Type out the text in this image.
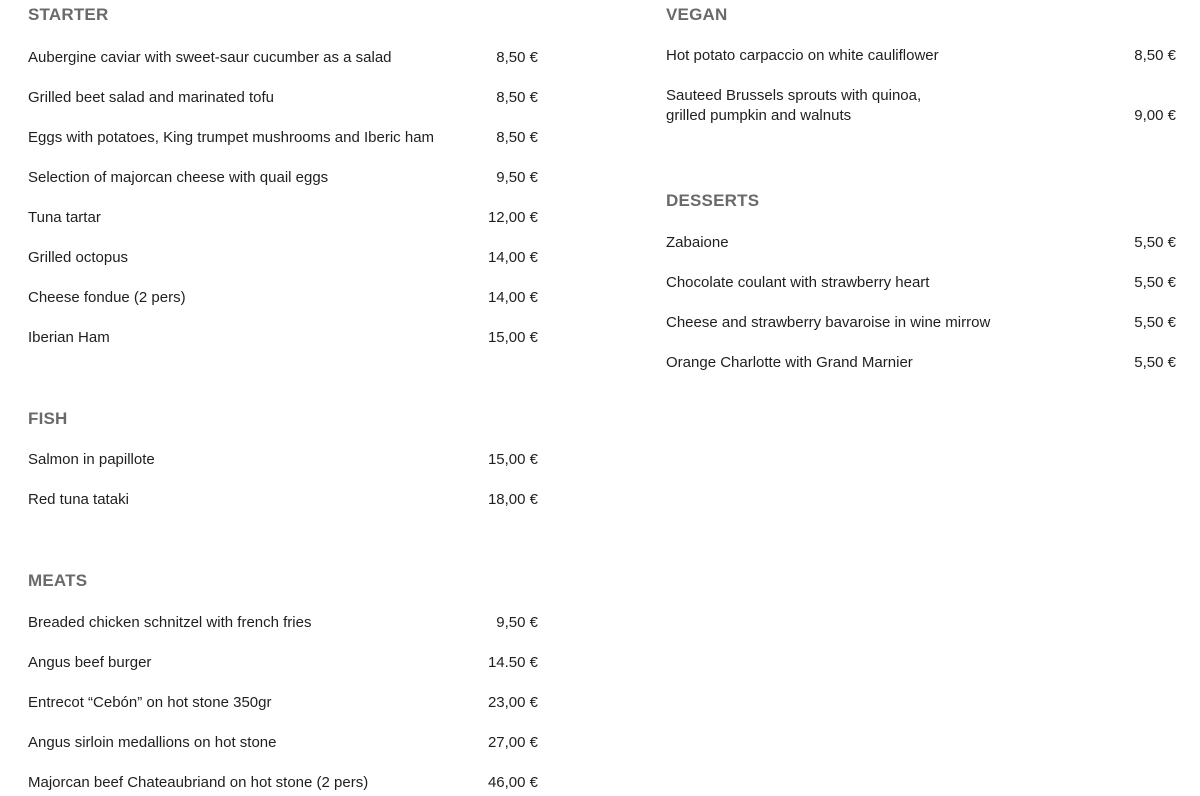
STARTER
Aubergine caviar with sweet-saur cucumber as a salad	8,50 €
Grilled beet salad and marinated tofu	8,50 €
Eggs with potatoes, King trumpet mushrooms and Iberic ham	8,50 €
Selection of majorcan cheese with quail eggs	9,50 €
Tuna tartar	12,00 €
Grilled octopus	14,00 €
Cheese fondue (2 pers)	14,00 €
Iberian Ham	15,00 €
FISH
Salmon in papillote	15,00 €
Red tuna tataki	18,00 €
MEATS
Breaded chicken schnitzel with french fries	9,50 €
Angus beef burger	14.50 €
Entrecot “Cebón” on hot stone 350gr	23,00 €
Angus sirloin medallions on hot stone	27,00 €
Majorcan beef Chateaubriand on hot stone (2 pers)	46,00 €
VEGAN
Hot potato carpaccio on white cauliflower	8,50 €
Sauteed Brussels sprouts with quinoa,
grilled pumpkin and walnuts	9,00 €
DESSERTS
Zabaione	5,50 €
Chocolate coulant with strawberry heart	5,50 €
Cheese and strawberry bavaroise in wine mirrow	5,50 €
Orange Charlotte with Grand Marnier	5,50 €
